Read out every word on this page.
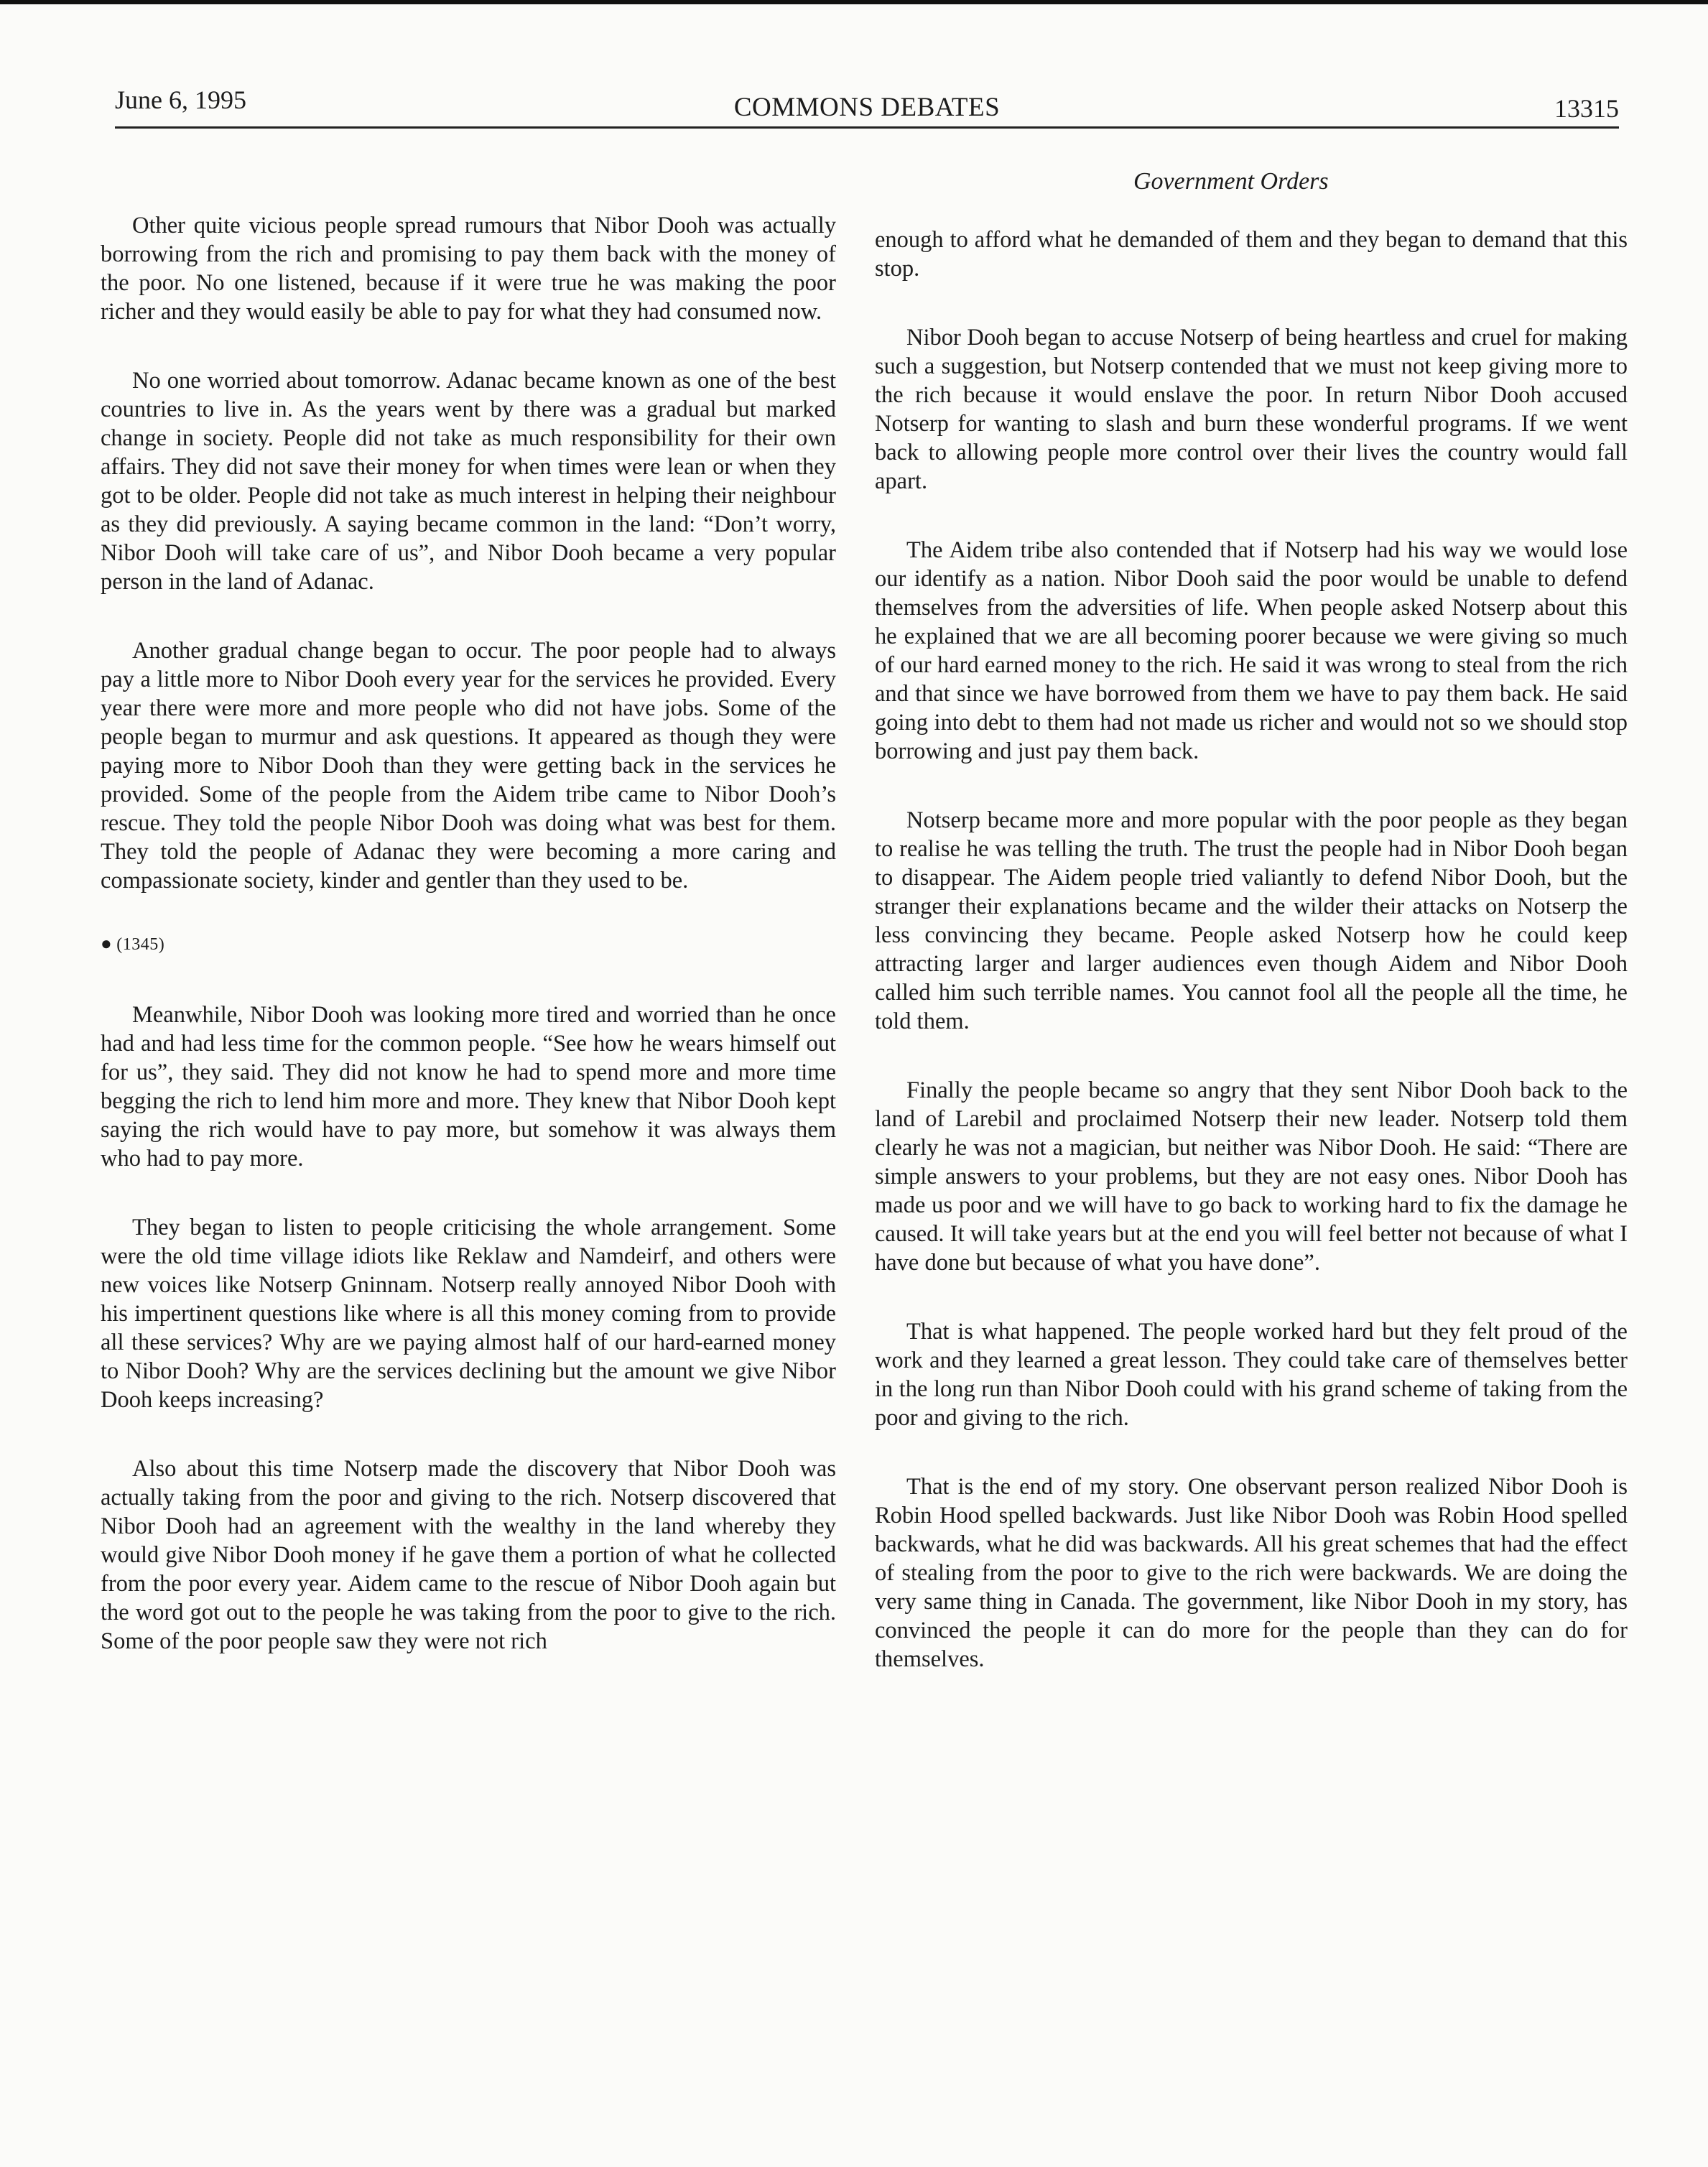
June 6, 1995	COMMONS DEBATES	13315
Government Orders

Other quite vicious people spread rumours that Nibor Dooh was actually borrowing from the rich and promising to pay them back with the money of the poor. No one listened, because if it were true he was making the poor richer and they would easily be able to pay for what they had consumed now.

No one worried about tomorrow. Adanac became known as one of the best countries to live in. As the years went by there was a gradual but marked change in society. People did not take as much responsibility for their own affairs. They did not save their money for when times were lean or when they got to be older. People did not take as much interest in helping their neighbour as they did previously. A saying became common in the land: “Don’t worry, Nibor Dooh will take care of us”, and Nibor Dooh became a very popular person in the land of Adanac.

Another gradual change began to occur. The poor people had to always pay a little more to Nibor Dooh every year for the services he provided. Every year there were more and more people who did not have jobs. Some of the people began to murmur and ask questions. It appeared as though they were paying more to Nibor Dooh than they were getting back in the services he provided. Some of the people from the Aidem tribe came to Nibor Dooh’s rescue. They told the people Nibor Dooh was doing what was best for them. They told the people of Adanac they were becoming a more caring and compassionate society, kinder and gentler than they used to be.

● (1345)

Meanwhile, Nibor Dooh was looking more tired and worried than he once had and had less time for the common people. “See how he wears himself out for us”, they said. They did not know he had to spend more and more time begging the rich to lend him more and more. They knew that Nibor Dooh kept saying the rich would have to pay more, but somehow it was always them who had to pay more.

They began to listen to people criticising the whole arrangement. Some were the old time village idiots like Reklaw and Namdeirf, and others were new voices like Notserp Gninnam. Notserp really annoyed Nibor Dooh with his impertinent questions like where is all this money coming from to provide all these services? Why are we paying almost half of our hard-earned money to Nibor Dooh? Why are the services declining but the amount we give Nibor Dooh keeps increasing?

Also about this time Notserp made the discovery that Nibor Dooh was actually taking from the poor and giving to the rich. Notserp discovered that Nibor Dooh had an agreement with the wealthy in the land whereby they would give Nibor Dooh money if he gave them a portion of what he collected from the poor every year. Aidem came to the rescue of Nibor Dooh again but the word got out to the people he was taking from the poor to give to the rich. Some of the poor people saw they were not rich

enough to afford what he demanded of them and they began to demand that this stop.

Nibor Dooh began to accuse Notserp of being heartless and cruel for making such a suggestion, but Notserp contended that we must not keep giving more to the rich because it would enslave the poor. In return Nibor Dooh accused Notserp for wanting to slash and burn these wonderful programs. If we went back to allowing people more control over their lives the country would fall apart.

The Aidem tribe also contended that if Notserp had his way we would lose our identify as a nation. Nibor Dooh said the poor would be unable to defend themselves from the adversities of life. When people asked Notserp about this he explained that we are all becoming poorer because we were giving so much of our hard earned money to the rich. He said it was wrong to steal from the rich and that since we have borrowed from them we have to pay them back. He said going into debt to them had not made us richer and would not so we should stop borrowing and just pay them back.

Notserp became more and more popular with the poor people as they began to realise he was telling the truth. The trust the people had in Nibor Dooh began to disappear. The Aidem people tried valiantly to defend Nibor Dooh, but the stranger their explanations became and the wilder their attacks on Notserp the less convincing they became. People asked Notserp how he could keep attracting larger and larger audiences even though Aidem and Nibor Dooh called him such terrible names. You cannot fool all the people all the time, he told them.

Finally the people became so angry that they sent Nibor Dooh back to the land of Larebil and proclaimed Notserp their new leader. Notserp told them clearly he was not a magician, but neither was Nibor Dooh. He said: “There are simple answers to your problems, but they are not easy ones. Nibor Dooh has made us poor and we will have to go back to working hard to fix the damage he caused. It will take years but at the end you will feel better not because of what I have done but because of what you have done”.

That is what happened. The people worked hard but they felt proud of the work and they learned a great lesson. They could take care of themselves better in the long run than Nibor Dooh could with his grand scheme of taking from the poor and giving to the rich.

That is the end of my story. One observant person realized Nibor Dooh is Robin Hood spelled backwards. Just like Nibor Dooh was Robin Hood spelled backwards, what he did was backwards. All his great schemes that had the effect of stealing from the poor to give to the rich were backwards. We are doing the very same thing in Canada. The government, like Nibor Dooh in my story, has convinced the people it can do more for the people than they can do for themselves.
